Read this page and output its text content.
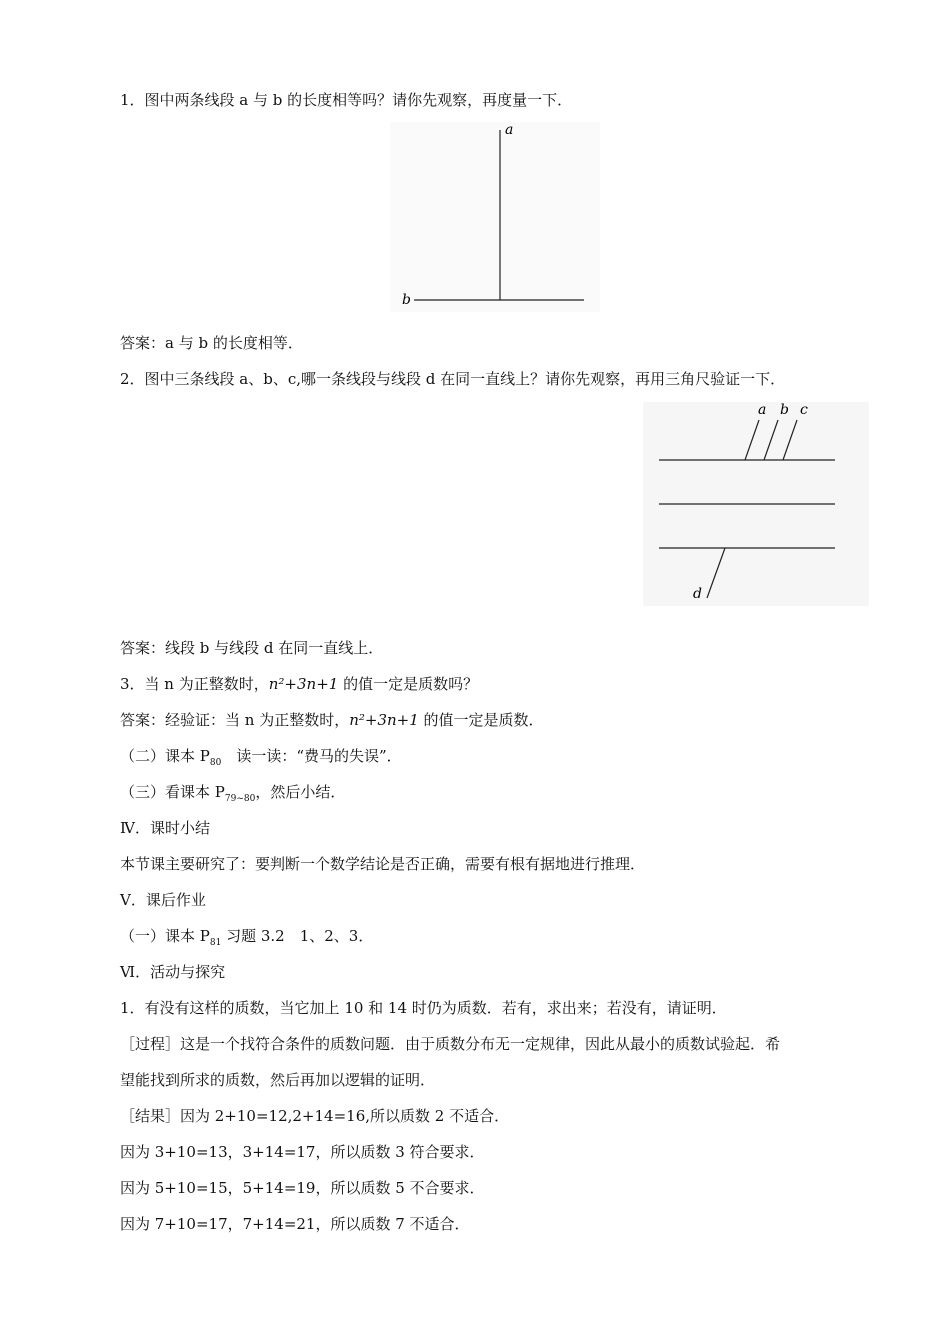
1．图中两条线段 a 与 b 的长度相等吗？请你先观察，再度量一下．
a
b
答案：a 与 b 的长度相等．
2．图中三条线段 a、b、c,哪一条线段与线段 d 在同一直线上？请你先观察，再用三角尺验证一下．
a b c
d
答案：线段 b 与线段 d 在同一直线上．
3．当 n 为正整数时，n²+3n+1 的值一定是质数吗？
答案：经验证：当 n 为正整数时，n²+3n+1 的值一定是质数．
（二）课本 $P_{80}$　读一读：“费马的失误”．
（三）看课本 $P_{79\sim 80}$，然后小结．
Ⅳ．课时小结
本节课主要研究了：要判断一个数学结论是否正确，需要有根有据地进行推理．
Ⅴ．课后作业
（一）课本 $P_{81}$ 习题 3.2　1、2、3．
Ⅵ．活动与探究
1．有没有这样的质数，当它加上 10 和 14 时仍为质数．若有，求出来；若没有，请证明．
［过程］这是一个找符合条件的质数问题．由于质数分布无一定规律，因此从最小的质数试验起．希
望能找到所求的质数，然后再加以逻辑的证明．
［结果］因为 2+10=12,2+14=16,所以质数 2 不适合．
因为 3+10=13，3+14=17，所以质数 3 符合要求．
因为 5+10=15，5+14=19，所以质数 5 不合要求．
因为 7+10=17，7+14=21，所以质数 7 不适合．
